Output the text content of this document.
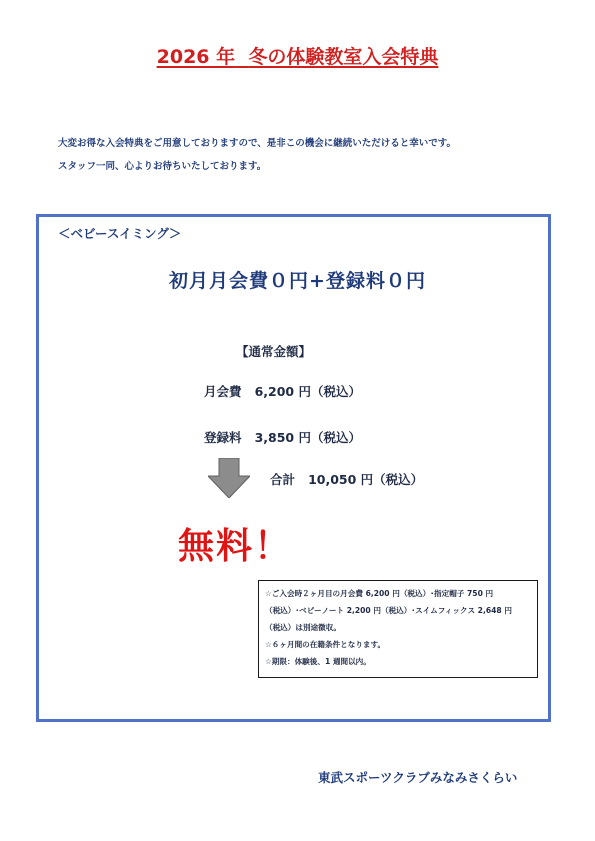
2026 年 冬の体験教室入会特典
大変お得な入会特典をご用意しておりますので、是非この機会に継続いただけると幸いです。
スタッフ一同、心よりお待ちいたしております。
＜ベビースイミング＞
初月月会費０円+登録料０円
【通常金額】
月会費 6,200 円（税込）
登録料 3,850 円（税込）
合計 10,050 円（税込）
無料！
☆ご入会時２ヶ月目の月会費 6,200 円（税込）･指定帽子 750 円
（税込）･ベビーノート 2,200 円（税込）･スイムフィックス 2,648 円
（税込）は別途徴収。
☆６ヶ月間の在籍条件となります。
☆期限：体験後、1 週間以内。
東武スポーツクラブみなみさくらい
